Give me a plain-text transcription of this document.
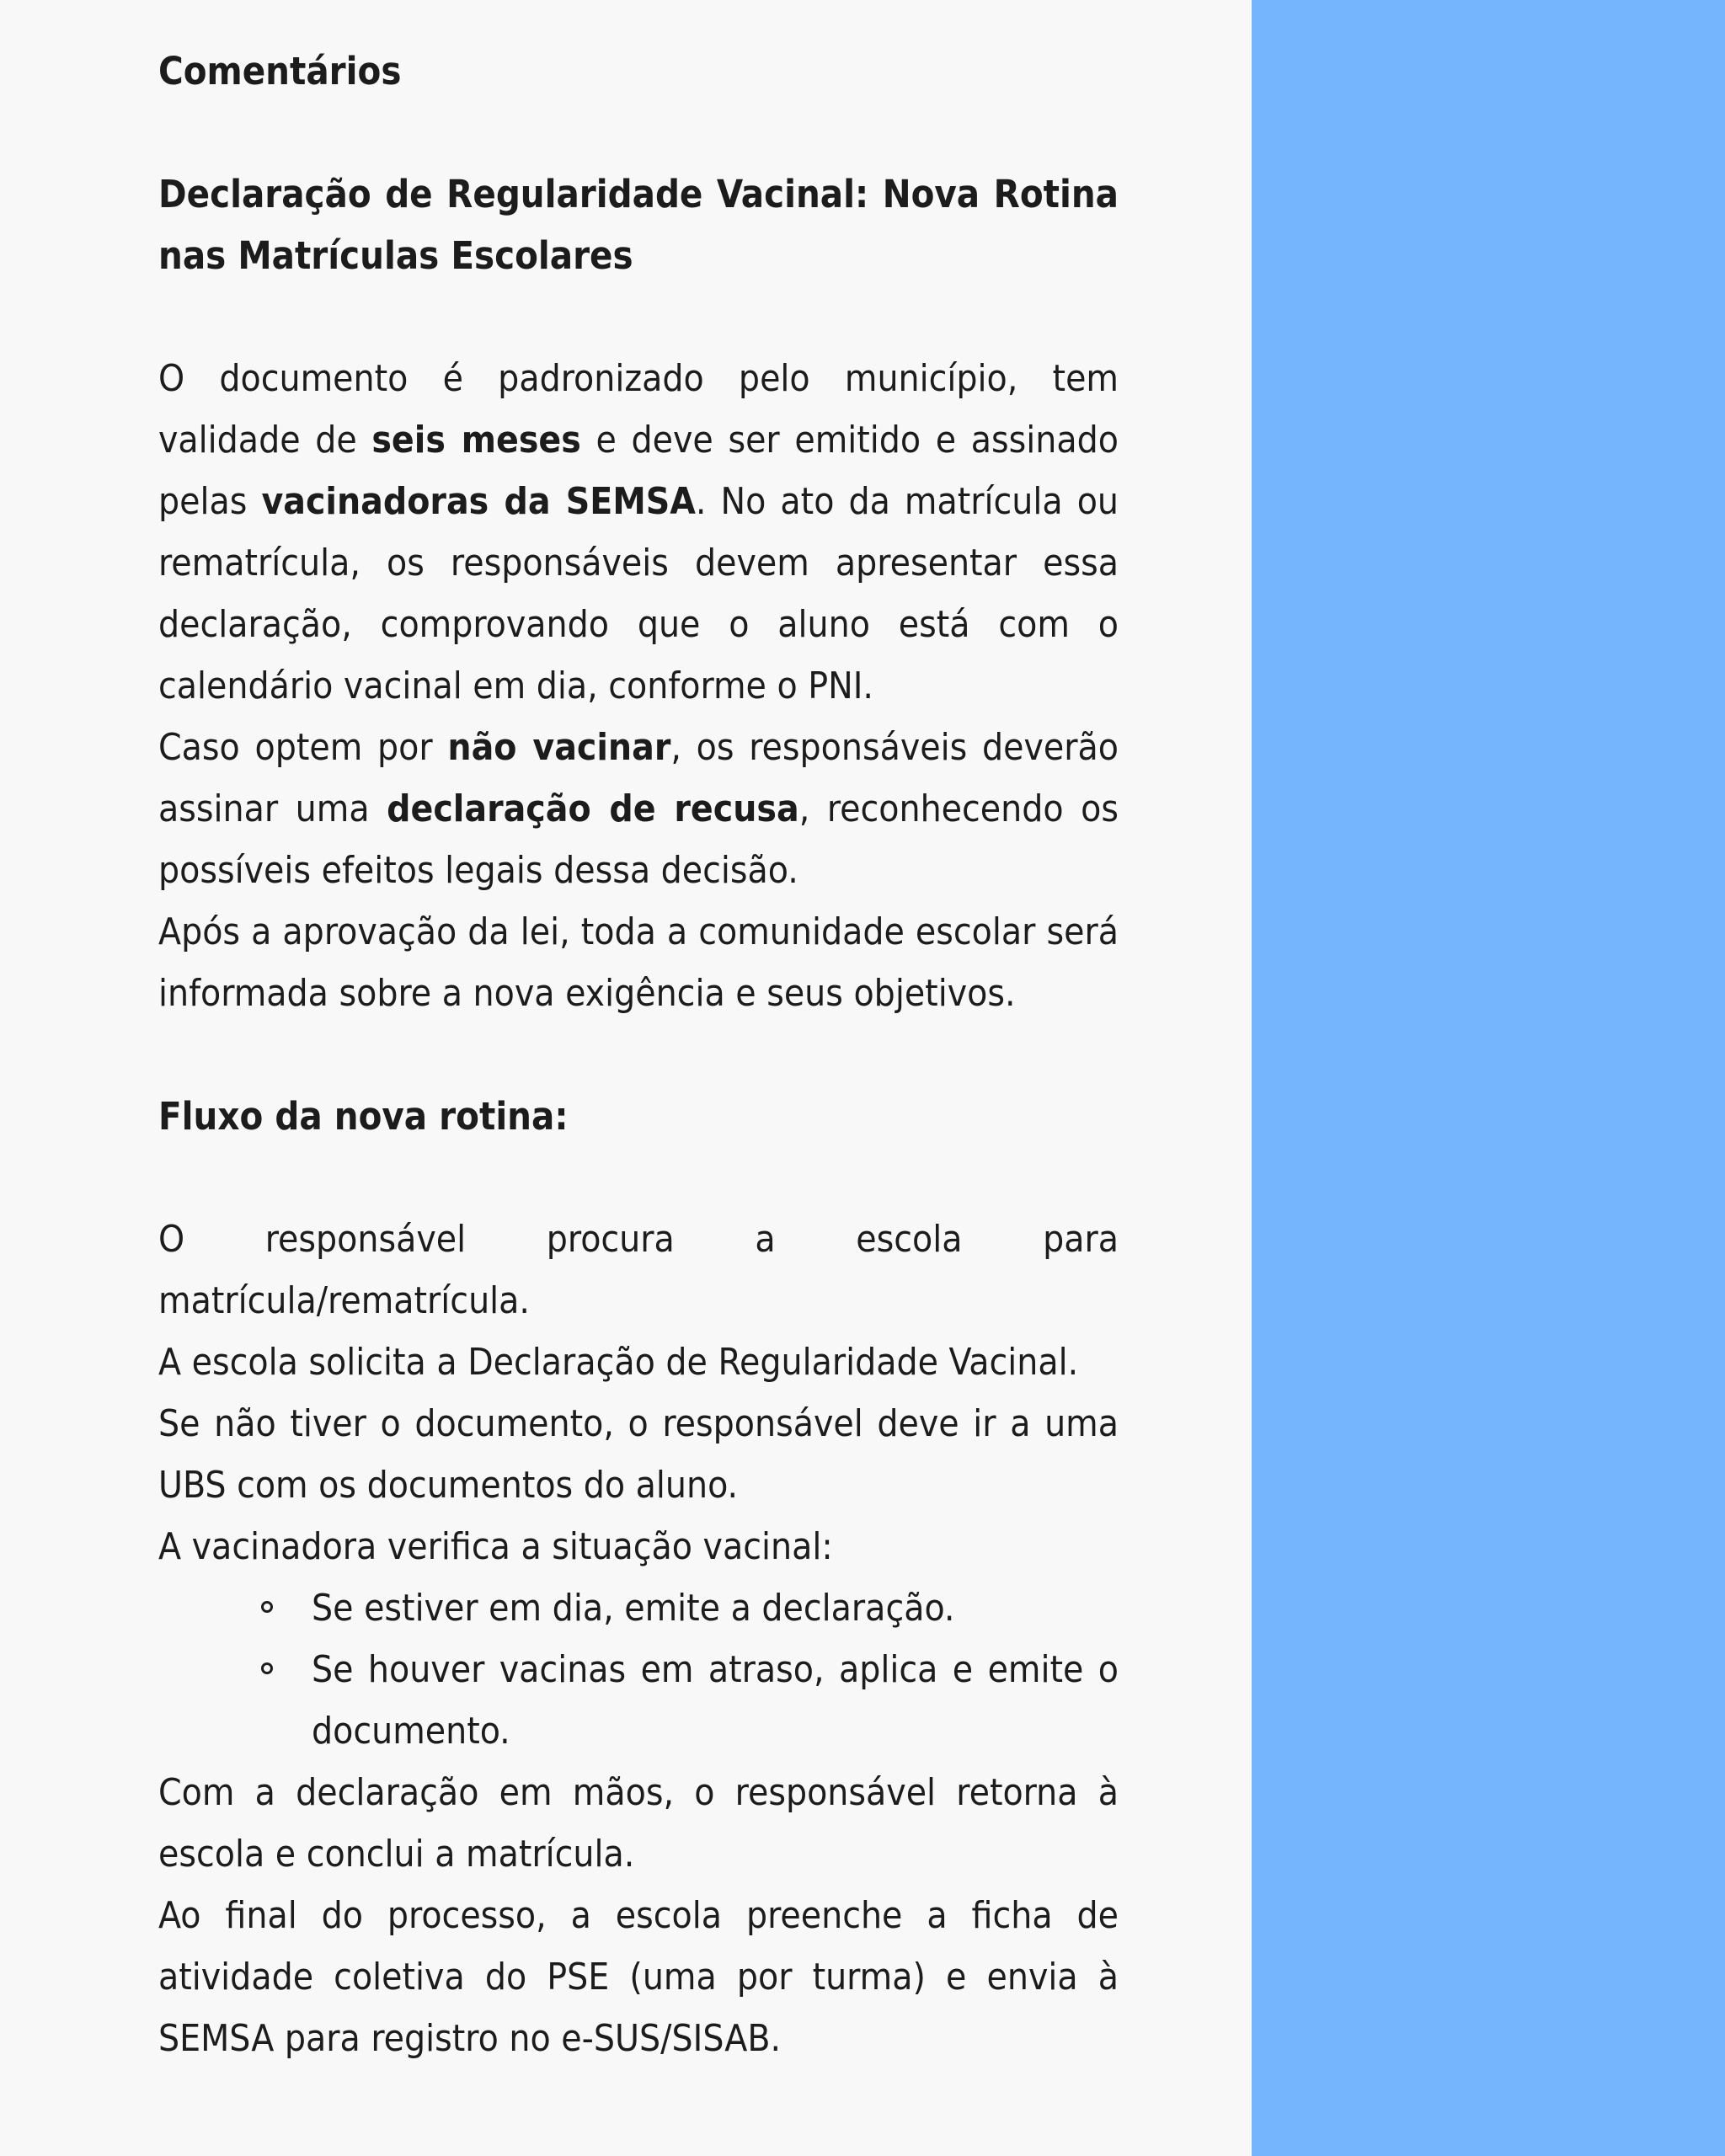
Comentários
Declaração de Regularidade Vacinal: Nova Rotina nas Matrículas Escolares

O documento é padronizado pelo município, tem validade de seis meses e deve ser emitido e assinado pelas vacinadoras da SEMSA. No ato da matrícula ou rematrícula, os responsáveis devem apresentar essa declaração, comprovando que o aluno está com o calendário vacinal em dia, conforme o PNI.

Caso optem por não vacinar, os responsáveis deverão assinar uma declaração de recusa, reconhecendo os possíveis efeitos legais dessa decisão.

Após a aprovação da lei, toda a comunidade escolar será informada sobre a nova exigência e seus objetivos.

Fluxo da nova rotina:

O responsável procura a escola para matrícula/rematrícula.

A escola solicita a Declaração de Regularidade Vacinal.

Se não tiver o documento, o responsável deve ir a uma UBS com os documentos do aluno.

A vacinadora verifica a situação vacinal:

Se estiver em dia, emite a declaração.
Se houver vacinas em atraso, aplica e emite o documento.

Com a declaração em mãos, o responsável retorna à escola e conclui a matrícula.

Ao final do processo, a escola preenche a ficha de atividade coletiva do PSE (uma por turma) e envia à SEMSA para registro no e-SUS/SISAB.
